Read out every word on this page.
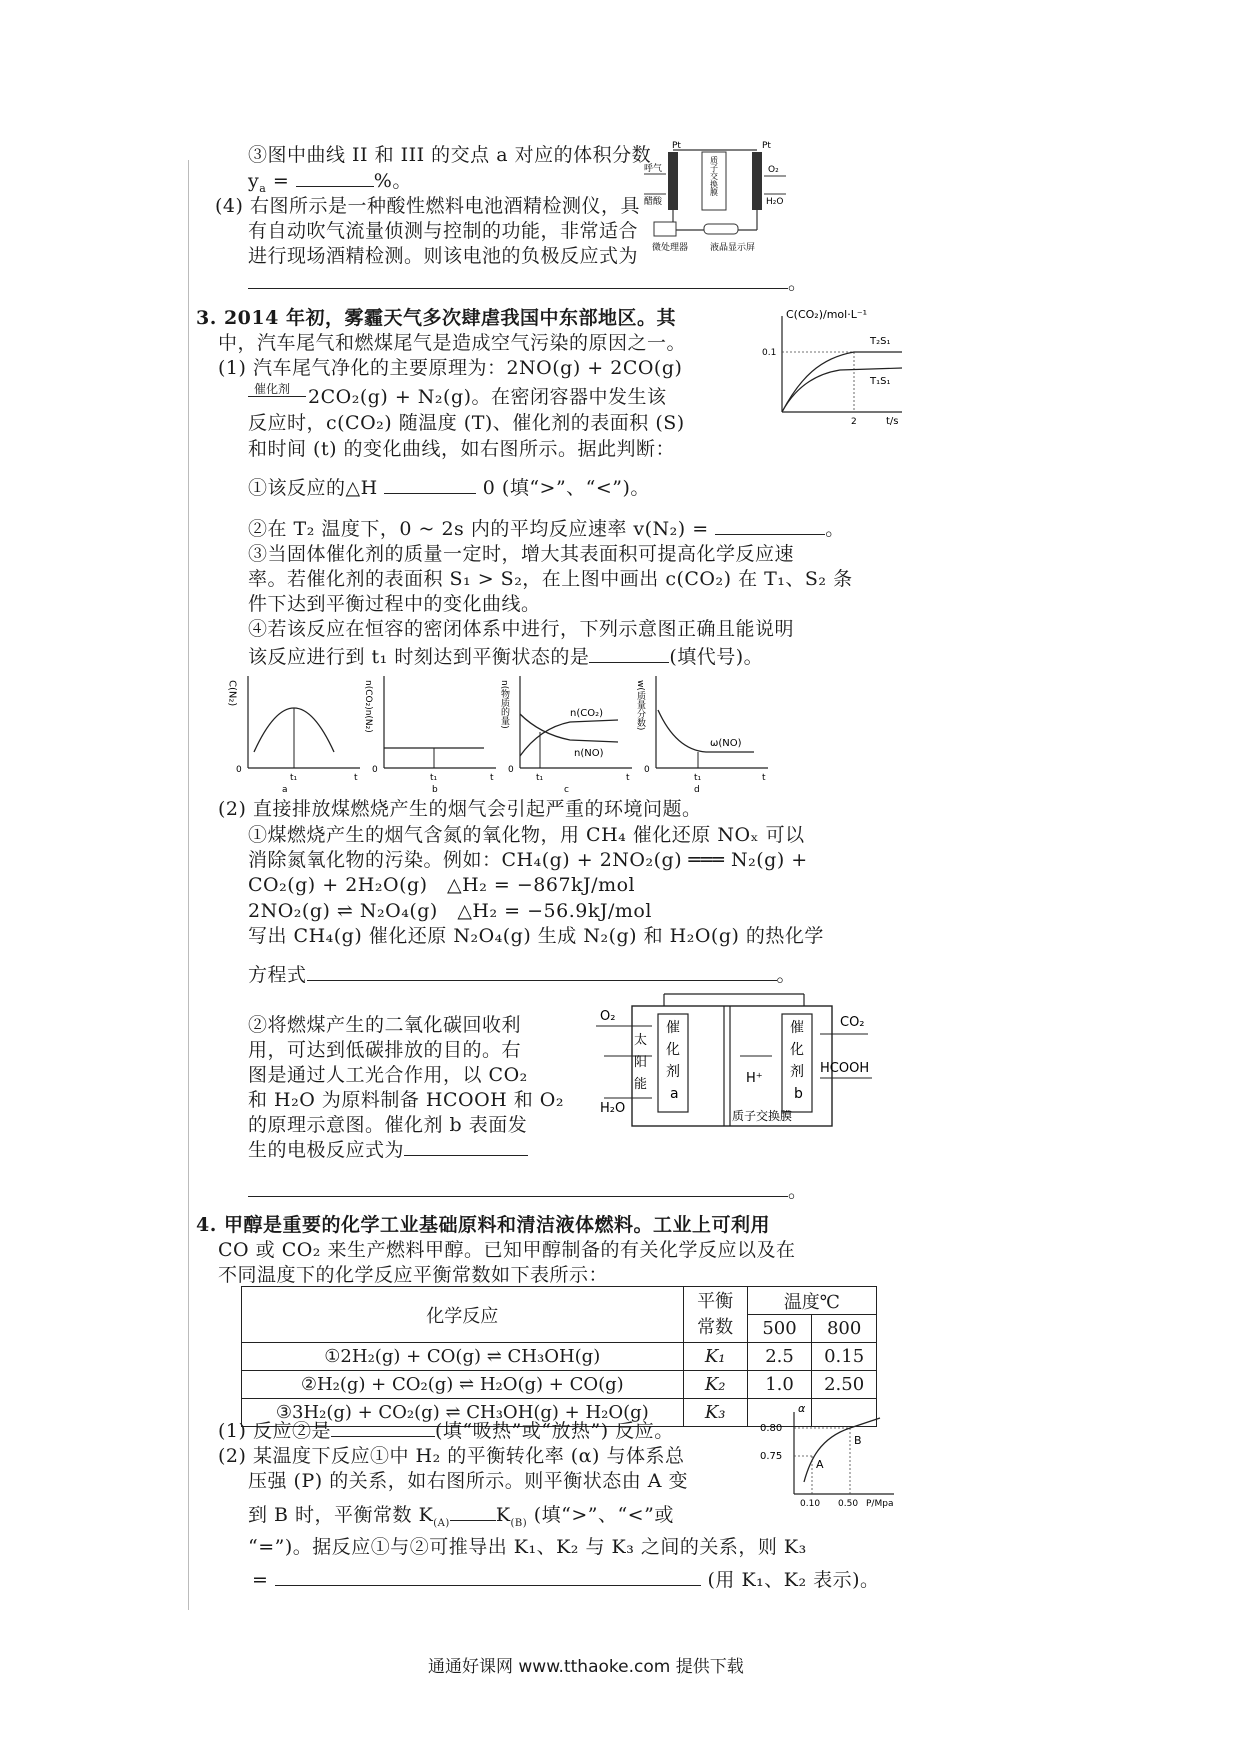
③图中曲线 II 和 III 的交点 a 对应的体积分数
$y_a$ =	%。
(4) 右图所示是一种酸性燃料电池酒精检测仪，具
有自动吹气流量侦测与控制的功能，非常适合
进行现场酒精检测。则该电池的负极反应式为
。
Pt	Pt
呼气
醋酸
O₂
H₂O
质子交换膜
微处理器 液晶显示屏
3. 2014 年初，雾霾天气多次肆虐我国中东部地区。其
中，汽车尾气和燃煤尾气是造成空气污染的原因之一。
(1) 汽车尾气净化的主要原理为：2NO(g) + 2CO(g)
催化剂 2CO₂(g) + N₂(g)。在密闭容器中发生该
反应时，c(CO₂) 随温度 (T)、催化剂的表面积 (S)
和时间 (t) 的变化曲线，如右图所示。据此判断：
①该反应的△H	0 (填“>”、“<”)。
②在 T₂ 温度下，0 ~ 2s 内的平均反应速率 v(N₂) =	。
③当固体催化剂的质量一定时，增大其表面积可提高化学反应速
率。若催化剂的表面积 S₁ > S₂，在上图中画出 c(CO₂) 在 T₁、S₂ 条
件下达到平衡过程中的变化曲线。
④若该反应在恒容的密闭体系中进行，下列示意图正确且能说明
该反应进行到 t₁ 时刻达到平衡状态的是	(填代号)。
C(CO₂)/mol·L⁻¹
0.1
2	t/s
T₂S₁
T₁S₁
C(N₂)
0
t₁	t
a
n(CO₂)n(N₂)
0
t₁	t
b
n(物质的量)
0
t₁	t
c
n(CO₂)
n(NO)
w(质量分数)
0
t₁	t
d
ω(NO)
(2) 直接排放煤燃烧产生的烟气会引起严重的环境问题。
①煤燃烧产生的烟气含氮的氧化物，用 CH₄ 催化还原 NOₓ 可以
消除氮氧化物的污染。例如：CH₄(g) + 2NO₂(g) ═══ N₂(g) +
CO₂(g) + 2H₂O(g)　△H₂ = −867kJ/mol
2NO₂(g) ⇌ N₂O₄(g)　△H₂ = −56.9kJ/mol
写出 CH₄(g) 催化还原 N₂O₄(g) 生成 N₂(g) 和 H₂O(g) 的热化学
方程式	。
②将燃煤产生的二氧化碳回收利
用，可达到低碳排放的目的。右
图是通过人工光合作用，以 CO₂
和 H₂O 为原料制备 HCOOH 和 O₂
的原理示意图。催化剂 b 表面发
生的电极反应式为
。
O₂	CO₂
太
阳
能
催
化
剂
a
催
化
剂
b
H⁺
HCOOH
H₂O	质子交换膜
4. 甲醇是重要的化学工业基础原料和清洁液体燃料。工业上可利用
CO 或 CO₂ 来生产燃料甲醇。已知甲醇制备的有关化学反应以及在
不同温度下的化学反应平衡常数如下表所示：
化学反应	平衡
常数	温度℃	
		500	800
①2H₂(g) + CO(g) ⇌ CH₃OH(g)	K₁	2.5	0.15
②H₂(g) + CO₂(g) ⇌ H₂O(g) + CO(g)	K₂	1.0	2.50
③3H₂(g) + CO₂(g) ⇌ CH₃OH(g) + H₂O(g)	K₃		
(1) 反应②是	(填“吸热”或“放热”) 反应。
(2) 某温度下反应①中 H₂ 的平衡转化率 (α) 与体系总
压强 (P) 的关系，如右图所示。则平衡状态由 A 变
到 B 时，平衡常数 $K_{(A)}$ $K_{(B)}$ (填“>”、“<”或
“=”)。据反应①与②可推导出 K₁、K₂ 与 K₃ 之间的关系，则 K₃
=	(用 K₁、K₂ 表示)。
α
0.80
0.75
0.10 0.50 P/Mpa
A
B
通通好课网 www.tthaoke.com 提供下载
